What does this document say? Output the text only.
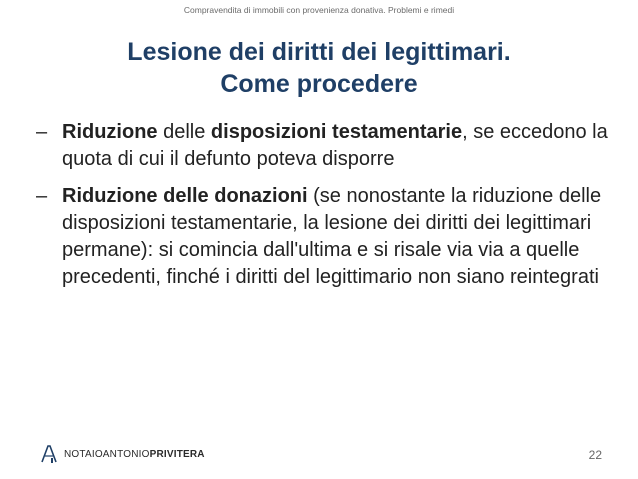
Compravendita di immobili con provenienza donativa. Problemi e rimedi
Lesione dei diritti dei legittimari.
Come procedere
– Riduzione delle disposizioni testamentarie, se eccedono la quota di cui il defunto poteva disporre
– Riduzione delle donazioni (se nonostante la riduzione delle disposizioni testamentarie, la lesione dei diritti dei legittimari permane): si comincia dall'ultima e si risale via via a quelle precedenti, finché i diritti del legittimario non siano reintegrati
NOTAIOANTONIOPRIVITERA	22
